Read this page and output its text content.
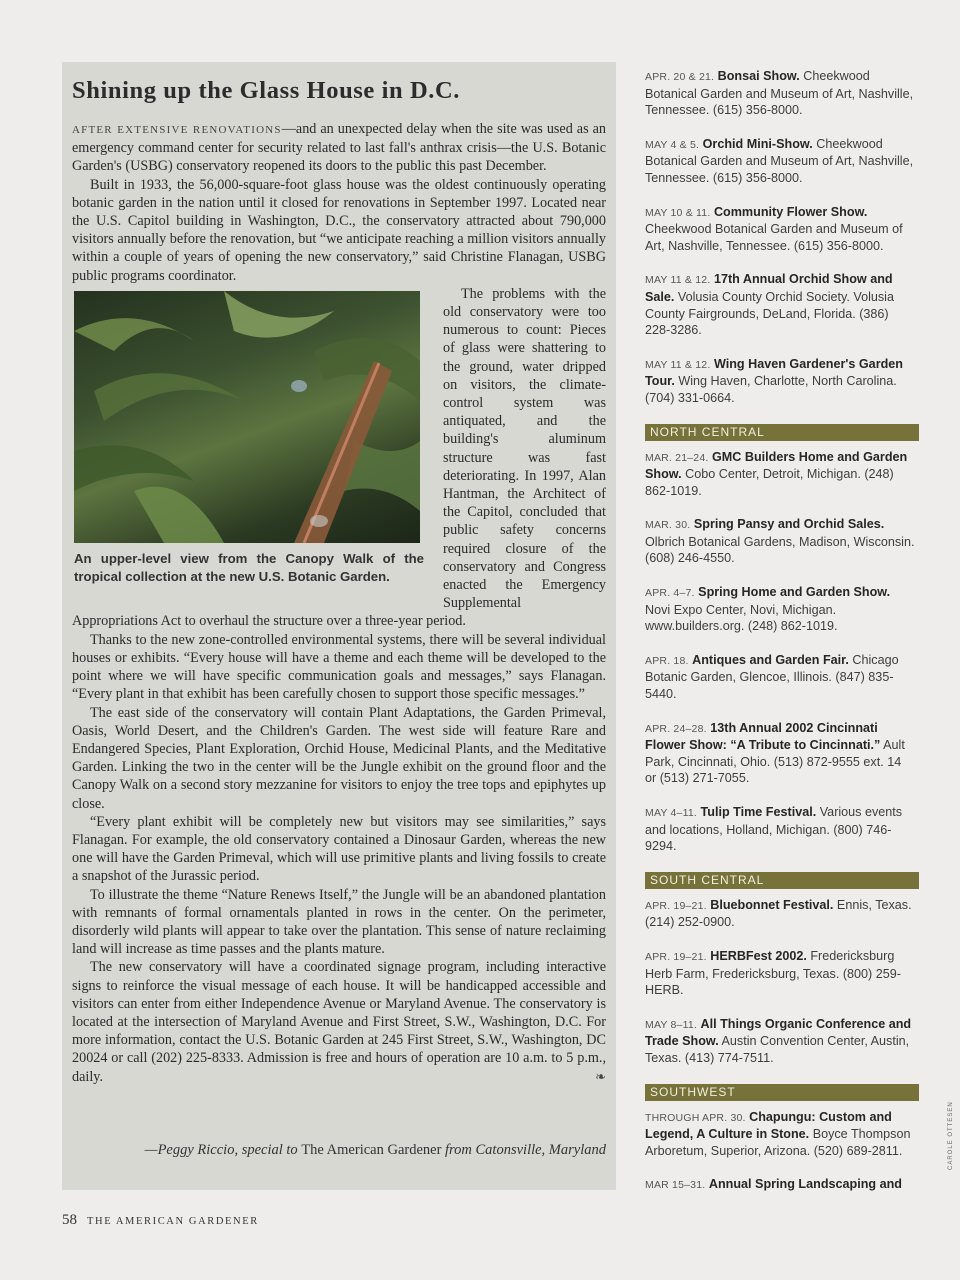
Shining up the Glass House in D.C.

AFTER EXTENSIVE RENOVATIONS—and an unexpected delay when the site was used as an emergency command center for security related to last fall's anthrax crisis—the U.S. Botanic Garden's (USBG) conservatory reopened its doors to the public this past December.

Built in 1933, the 56,000-square-foot glass house was the oldest continuously operating botanic garden in the nation until it closed for renovations in September 1997. Located near the U.S. Capitol building in Washington, D.C., the conservatory attracted about 790,000 visitors annually before the renovation, but “we anticipate reaching a million visitors annually within a couple of years of opening the new conservatory,” said Christine Flanagan, USBG public programs coordinator.

An upper-level view from the Canopy Walk of the tropical collection at the new U.S. Botanic Garden.

The problems with the old conservatory were too numerous to count: Pieces of glass were shattering to the ground, water dripped on visitors, the climate-control system was antiquated, and the building's aluminum structure was fast deteriorating. In 1997, Alan Hantman, the Architect of the Capitol, concluded that public safety concerns required closure of the conservatory and Congress enacted the Emergency Supplemental Appropriations Act to overhaul the structure over a three-year period.

Thanks to the new zone-controlled environmental systems, there will be several individual houses or exhibits. “Every house will have a theme and each theme will be developed to the point where we will have specific communication goals and messages,” says Flanagan. “Every plant in that exhibit has been carefully chosen to support those specific messages.”

The east side of the conservatory will contain Plant Adaptations, the Garden Primeval, Oasis, World Desert, and the Children's Garden. The west side will feature Rare and Endangered Species, Plant Exploration, Orchid House, Medicinal Plants, and the Meditative Garden. Linking the two in the center will be the Jungle exhibit on the ground floor and the Canopy Walk on a second story mezzanine for visitors to enjoy the tree tops and epiphytes up close.

“Every plant exhibit will be completely new but visitors may see similarities,” says Flanagan. For example, the old conservatory contained a Dinosaur Garden, whereas the new one will have the Garden Primeval, which will use primitive plants and living fossils to create a snapshot of the Jurassic period.

To illustrate the theme “Nature Renews Itself,” the Jungle will be an abandoned plantation with remnants of formal ornamentals planted in rows in the center. On the perimeter, disorderly wild plants will appear to take over the plantation. This sense of nature reclaiming land will increase as time passes and the plants mature.

The new conservatory will have a coordinated signage program, including interactive signs to reinforce the visual message of each house. It will be handicapped accessible and visitors can enter from either Independence Avenue or Maryland Avenue. The conservatory is located at the intersection of Maryland Avenue and First Street, S.W., Washington, D.C. For more information, contact the U.S. Botanic Garden at 245 First Street, S.W., Washington, DC 20024 or call (202) 225-8333. Admission is free and hours of operation are 10 a.m. to 5 p.m., daily.	❧

—Peggy Riccio, special to The American Gardener from Catonsville, Maryland
58 THE AMERICAN GARDENER
APR. 20 & 21. Bonsai Show. Cheekwood Botanical Garden and Museum of Art, Nashville, Tennessee. (615) 356-8000.
MAY 4 & 5. Orchid Mini-Show. Cheekwood Botanical Garden and Museum of Art, Nashville, Tennessee. (615) 356-8000.
MAY 10 & 11. Community Flower Show. Cheekwood Botanical Garden and Museum of Art, Nashville, Tennessee. (615) 356-8000.
MAY 11 & 12. 17th Annual Orchid Show and Sale. Volusia County Orchid Society. Volusia County Fairgrounds, DeLand, Florida. (386) 228-3286.
MAY 11 & 12. Wing Haven Gardener's Garden Tour. Wing Haven, Charlotte, North Carolina. (704) 331-0664.
NORTH CENTRAL
MAR. 21–24. GMC Builders Home and Garden Show. Cobo Center, Detroit, Michigan. (248) 862-1019.
MAR. 30. Spring Pansy and Orchid Sales. Olbrich Botanical Gardens, Madison, Wisconsin. (608) 246-4550.
APR. 4–7. Spring Home and Garden Show. Novi Expo Center, Novi, Michigan. www.builders.org. (248) 862-1019.
APR. 18. Antiques and Garden Fair. Chicago Botanic Garden, Glencoe, Illinois. (847) 835-5440.
APR. 24–28. 13th Annual 2002 Cincinnati Flower Show: “A Tribute to Cincinnati.” Ault Park, Cincinnati, Ohio. (513) 872-9555 ext. 14 or (513) 271-7055.
MAY 4–11. Tulip Time Festival. Various events and locations, Holland, Michigan. (800) 746-9294.
SOUTH CENTRAL
APR. 19–21. Bluebonnet Festival. Ennis, Texas. (214) 252-0900.
APR. 19–21. HERBFest 2002. Fredericksburg Herb Farm, Fredericksburg, Texas. (800) 259-HERB.
MAY 8–11. All Things Organic Conference and Trade Show. Austin Convention Center, Austin, Texas. (413) 774-7511.
SOUTHWEST
THROUGH APR. 30. Chapungu: Custom and Legend, A Culture in Stone. Boyce Thompson Arboretum, Superior, Arizona. (520) 689-2811.
MAR 15–31. Annual Spring Landscaping and
CAROLE OTTESEN
